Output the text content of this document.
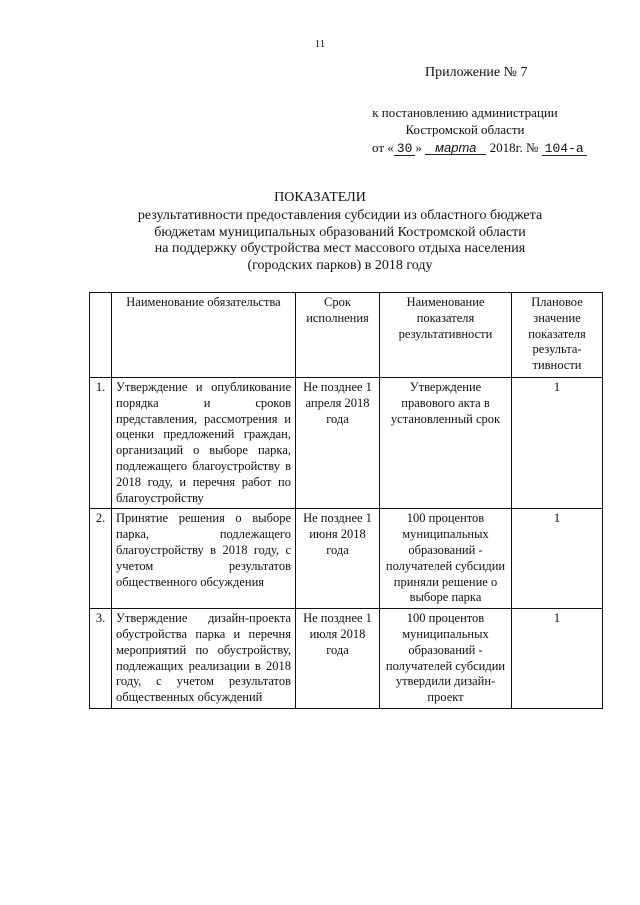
11
Приложение № 7
к постановлению администрации
Костромской области
от « 30 » марта 2018г. № 104-а
ПОКАЗАТЕЛИ
результативности предоставления субсидии из областного бюджета
бюджетам муниципальных образований Костромской области
на поддержку обустройства мест массового отдыха населения
(городских парков) в 2018 году
	Наименование обязательства	Срок исполнения	Наименование показателя результативности	Плановое значение показателя результа-тивности
1.	Утверждение и опубликование порядка и сроков представления, рассмотрения и оценки предложений граждан, организаций о выборе парка, подлежащего благоустройству в 2018 году, и перечня работ по благоустройству	Не позднее 1 апреля 2018 года	Утверждение правового акта в установленный срок	1
2.	Принятие решения о выборе парка, подлежащего благоустройству в 2018 году, с учетом результатов общественного обсуждения	Не позднее 1 июня 2018 года	100 процентов муниципальных образований - получателей субсидии приняли решение о выборе парка	1
3.	Утверждение дизайн-проекта обустройства парка и перечня мероприятий по обустройству, подлежащих реализации в 2018 году, с учетом результатов общественных обсуждений	Не позднее 1 июля 2018 года	100 процентов муниципальных образований - получателей субсидии утвердили дизайн-проект	1
